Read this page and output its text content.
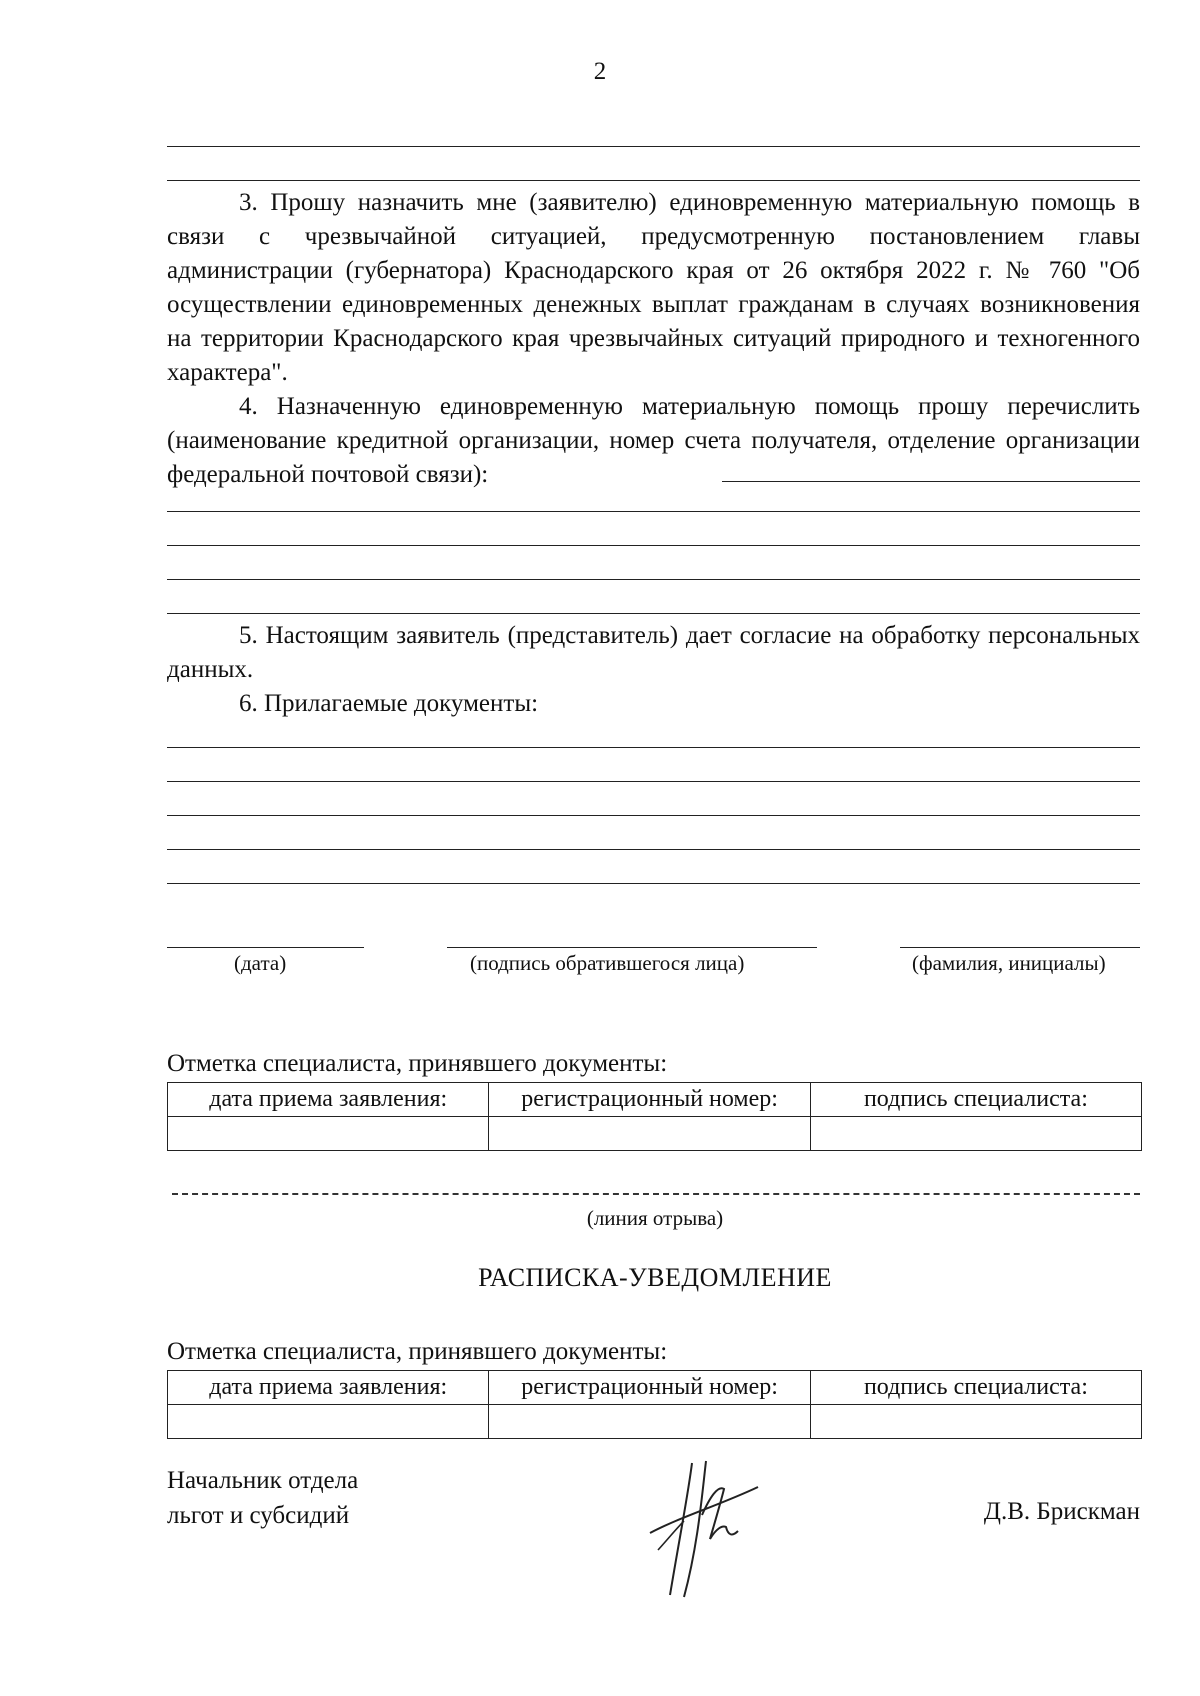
2

3. Прошу назначить мне (заявителю) единовременную материальную помощь в связи с чрезвычайной ситуацией, предусмотренную постановлением главы администрации (губернатора) Краснодарского края от 26 октября 2022 г. № 760 "Об осуществлении единовременных денежных выплат гражданам в случаях возникновения на территории Краснодарского края чрезвычайных ситуаций природного и техногенного характера".

4. Назначенную единовременную материальную помощь прошу перечислить (наименование кредитной организации, номер счета получателя, отделение организации федеральной почтовой связи):

5. Настоящим заявитель (представитель) дает согласие на обработку персональных данных.

6. Прилагаемые документы:

(дата)	(подпись обратившегося лица)	(фамилия, инициалы)
Отметка специалиста, принявшего документы:
дата приема заявления:	регистрационный номер:	подпись специалиста:

(линия отрыва)
РАСПИСКА-УВЕДОМЛЕНИЕ
Отметка специалиста, принявшего документы:
дата приема заявления:	регистрационный номер:	подпись специалиста:

Начальник отдела
льгот и субсидий	Д.В. Брискман
